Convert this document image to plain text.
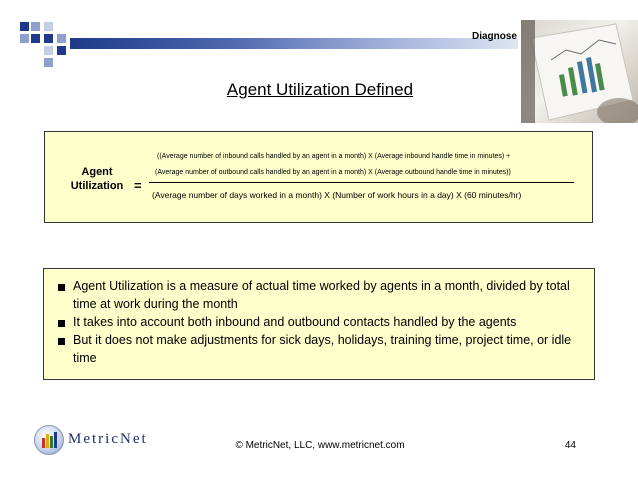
Diagnose
Agent Utilization Defined
Agent
Utilization =
((Average number of inbound calls handled by an agent in a month) X (Average inbound handle time in minutes) +
(Average number of outbound calls handled by an agent in a month) X (Average outbound handle time in minutes))
(Average number of days worked in a month) X (Number of work hours in a day) X (60 minutes/hr)
Agent Utilization is a measure of actual time worked by agents in a month, divided by total time at work during the month
It takes into account both inbound and outbound contacts handled by the agents
But it does not make adjustments for sick days, holidays, training time, project time, or idle time
MetricNet	© MetricNet, LLC, www.metricnet.com	44
